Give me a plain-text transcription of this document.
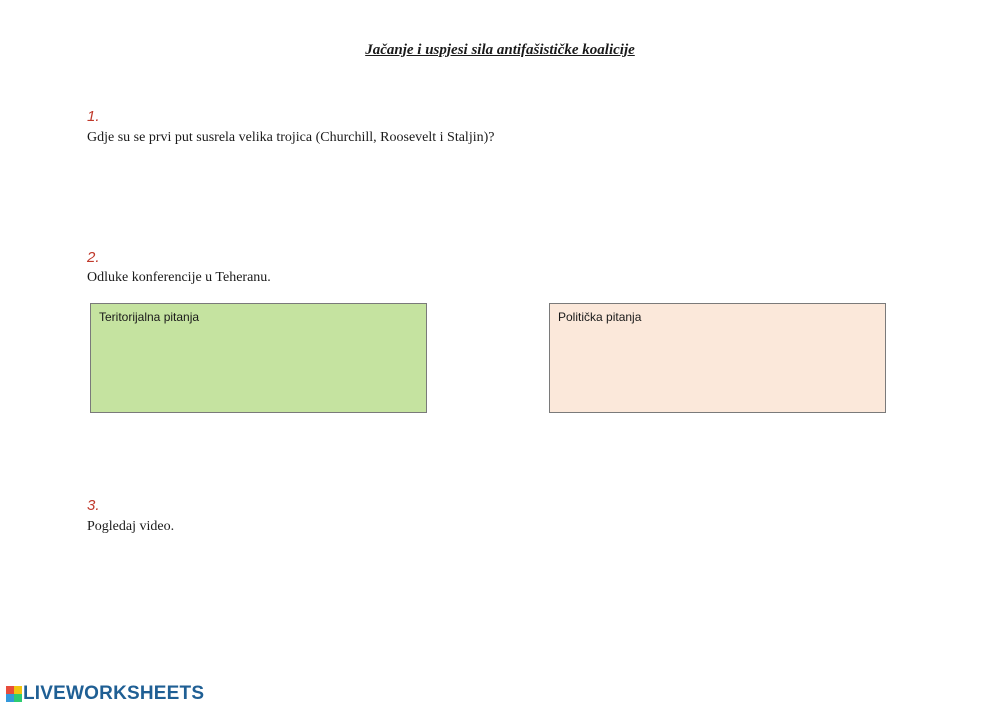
Jačanje i uspjesi sila antifašističke koalicije
1.
Gdje su se prvi put susrela velika trojica (Churchill, Roosevelt i Staljin)?
2.
Odluke konferencije u Teheranu.
Teritorijalna pitanja	Politička pitanja
3.
Pogledaj video.
LIVEWORKSHEETS
